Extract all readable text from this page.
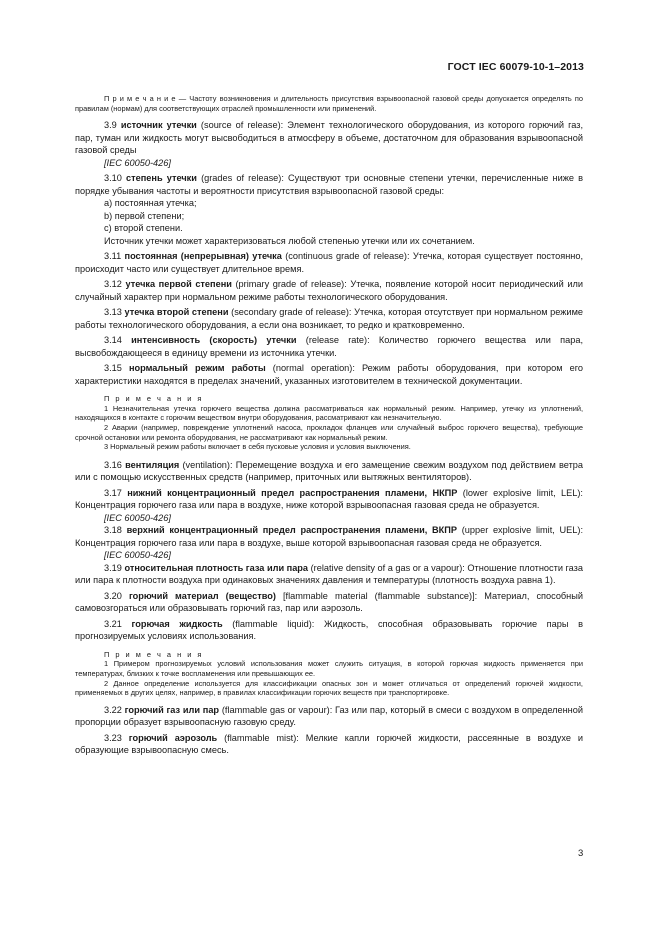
ГОСТ IEC 60079-10-1–2013

П р и м е ч а н и е — Частоту возникновения и длительность присутствия взрывоопасной газовой среды допускается определять по правилам (нормам) для соответствующих отраслей промышленности или применений.

3.9 источник утечки (source of release): Элемент технологического оборудования, из которого горючий газ, пар, туман или жидкость могут высвободиться в атмосферу в объеме, достаточном для образования взрывоопасной газовой среды

[IEC 60050-426]

3.10 степень утечки (grades of release): Существуют три основные степени утечки, перечисленные ниже в порядке убывания частоты и вероятности присутствия взрывоопасной газовой среды:

a) постоянная утечка;

b) первой степени;

c) второй степени.

Источник утечки может характеризоваться любой степенью утечки или их сочетанием.

3.11 постоянная (непрерывная) утечка (continuous grade of release): Утечка, которая существует постоянно, происходит часто или существует длительное время.

3.12 утечка первой степени (primary grade of release): Утечка, появление которой носит периодический или случайный характер при нормальном режиме работы технологического оборудования.

3.13 утечка второй степени (secondary grade of release): Утечка, которая отсутствует при нормальном режиме работы технологического оборудования, а если она возникает, то редко и кратковременно.

3.14 интенсивность (скорость) утечки (release rate): Количество горючего вещества или пара, высвобождающееся в единицу времени из источника утечки.

3.15 нормальный режим работы (normal operation): Режим работы оборудования, при котором его характеристики находятся в пределах значений, указанных изготовителем в технической документации.

П р и м е ч а н и я

1 Незначительная утечка горючего вещества должна рассматриваться как нормальный режим. Например, утечку из уплотнений, находящихся в контакте с горючим веществом внутри оборудования, рассматривают как незначительную.

2 Аварии (например, повреждение уплотнений насоса, прокладок фланцев или случайный выброс горючего вещества), требующие срочной остановки или ремонта оборудования, не рассматривают как нормальный режим.

3 Нормальный режим работы включает в себя пусковые условия и условия выключения.

3.16 вентиляция (ventilation): Перемещение воздуха и его замещение свежим воздухом под действием ветра или с помощью искусственных средств (например, приточных или вытяжных вентиляторов).

3.17 нижний концентрационный предел распространения пламени, НКПР (lower explosive limit, LEL): Концентрация горючего газа или пара в воздухе, ниже которой взрывоопасная газовая среда не образуется.

[IEC 60050-426]

3.18 верхний концентрационный предел распространения пламени, ВКПР (upper explosive limit, UEL): Концентрация горючего газа или пара в воздухе, выше которой взрывоопасная газовая среда не образуется.

[IEC 60050-426]

3.19 относительная плотность газа или пара (relative density of a gas or a vapour): Отношение плотности газа или пара к плотности воздуха при одинаковых значениях давления и температуры (плотность воздуха равна 1).

3.20 горючий материал (вещество) [flammable material (flammable substance)]: Материал, способный самовозгораться или образовывать горючий газ, пар или аэрозоль.

3.21 горючая жидкость (flammable liquid): Жидкость, способная образовывать горючие пары в прогнозируемых условиях использования.

П р и м е ч а н и я

1 Примером прогнозируемых условий использования может служить ситуация, в которой горючая жидкость применяется при температурах, близких к точке воспламенения или превышающих ее.

2 Данное определение используется для классификации опасных зон и может отличаться от определений горючей жидкости, применяемых в других целях, например, в правилах классификации горючих веществ при транспортировке.

3.22 горючий газ или пар (flammable gas or vapour): Газ или пар, который в смеси с воздухом в определенной пропорции образует взрывоопасную газовую среду.

3.23 горючий аэрозоль (flammable mist): Мелкие капли горючей жидкости, рассеянные в воздухе и образующие взрывоопасную смесь.

3
